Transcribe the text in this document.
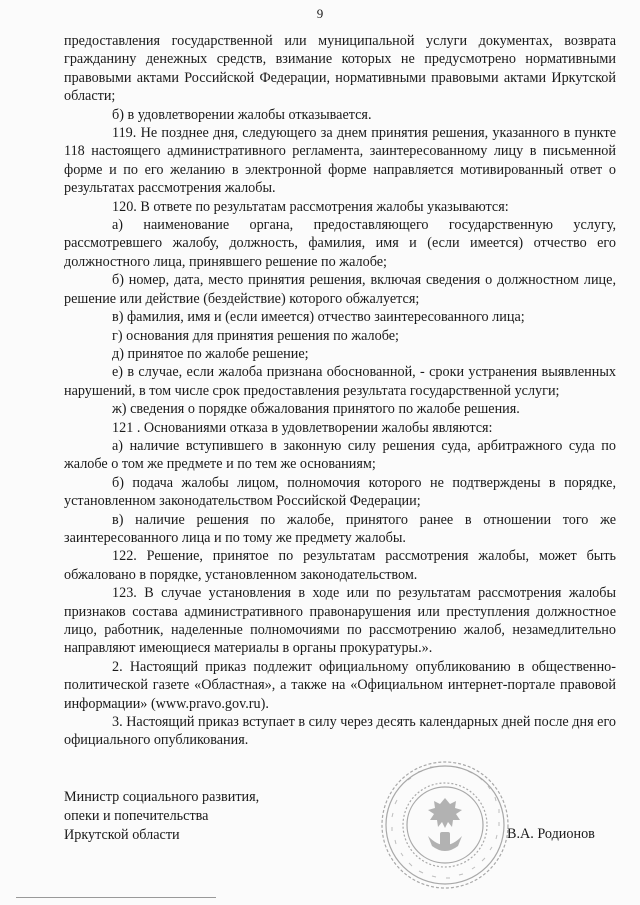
9

предоставления государственной или муниципальной услуги документах, возврата гражданину денежных средств, взимание которых не предусмотрено нормативными правовыми актами Российской Федерации, нормативными правовыми актами Иркутской области;

б) в удовлетворении жалобы отказывается.

119. Не позднее дня, следующего за днем принятия решения, указанного в пункте 118 настоящего административного регламента, заинтересованному лицу в письменной форме и по его желанию в электронной форме направляется мотивированный ответ о результатах рассмотрения жалобы.

120. В ответе по результатам рассмотрения жалобы указываются:

а) наименование органа, предоставляющего государственную услугу, рассмотревшего жалобу, должность, фамилия, имя и (если имеется) отчество его должностного лица, принявшего решение по жалобе;

б) номер, дата, место принятия решения, включая сведения о должностном лице, решение или действие (бездействие) которого обжалуется;

в) фамилия, имя и (если имеется) отчество заинтересованного лица;

г) основания для принятия решения по жалобе;

д) принятое по жалобе решение;

е) в случае, если жалоба признана обоснованной, - сроки устранения выявленных нарушений, в том числе срок предоставления результата государственной услуги;

ж) сведения о порядке обжалования принятого по жалобе решения.

121 . Основаниями отказа в удовлетворении жалобы являются:

а) наличие вступившего в законную силу решения суда, арбитражного суда по жалобе о том же предмете и по тем же основаниям;

б) подача жалобы лицом, полномочия которого не подтверждены в порядке, установленном законодательством Российской Федерации;

в) наличие решения по жалобе, принятого ранее в отношении того же заинтересованного лица и по тому же предмету жалобы.

122. Решение, принятое по результатам рассмотрения жалобы, может быть обжаловано в порядке, установленном законодательством.

123. В случае установления в ходе или по результатам рассмотрения жалобы признаков состава административного правонарушения или преступления должностное лицо, работник, наделенные полномочиями по рассмотрению жалоб, незамедлительно направляют имеющиеся материалы в органы прокуратуры.».

2. Настоящий приказ подлежит официальному опубликованию в общественно-политической газете «Областная», а также на «Официальном интернет-портале правовой информации» (www.pravo.gov.ru).

3. Настоящий приказ вступает в силу через десять календарных дней после дня его официального опубликования.

Министр социального развития,
опеки и попечительства
Иркутской области	В.А. Родионов
